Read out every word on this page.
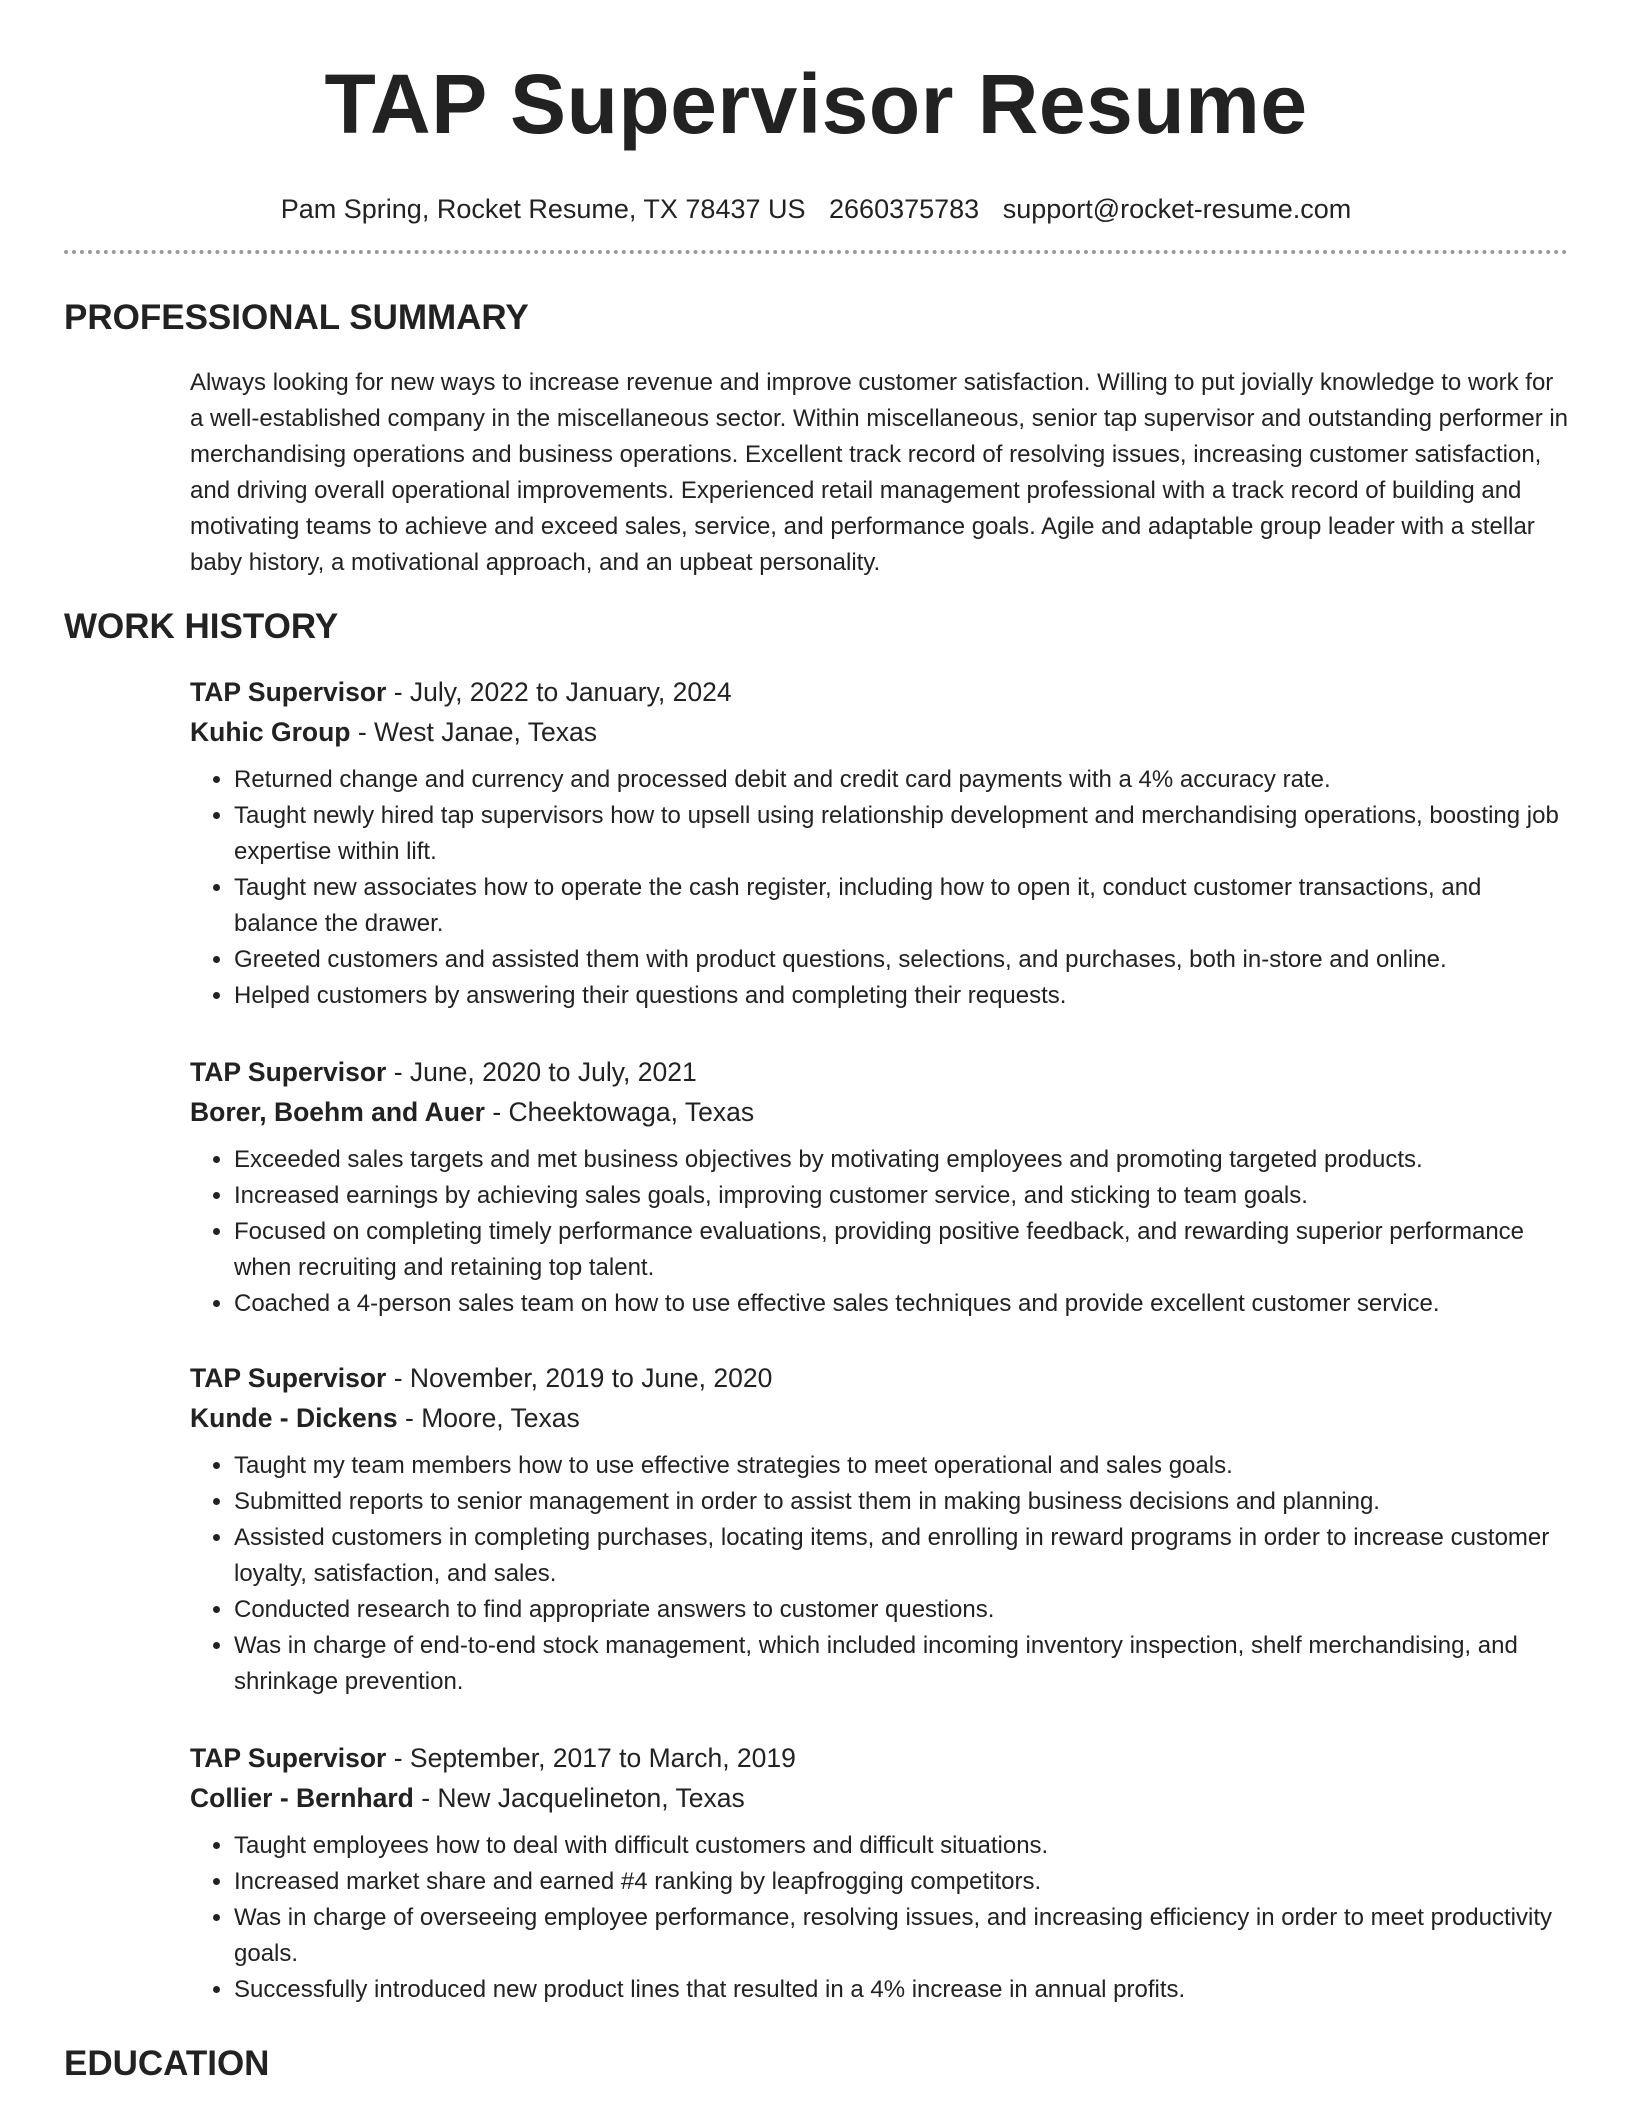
TAP Supervisor Resume
Pam Spring, Rocket Resume, TX 78437 US 2660375783 support@rocket-resume.com
PROFESSIONAL SUMMARY

Always looking for new ways to increase revenue and improve customer satisfaction. Willing to put jovially knowledge to work for a well-established company in the miscellaneous sector. Within miscellaneous, senior tap supervisor and outstanding performer in merchandising operations and business operations. Excellent track record of resolving issues, increasing customer satisfaction, and driving overall operational improvements. Experienced retail management professional with a track record of building and motivating teams to achieve and exceed sales, service, and performance goals. Agile and adaptable group leader with a stellar baby history, a motivational approach, and an upbeat personality.

WORK HISTORY
TAP Supervisor - July, 2022 to January, 2024
Kuhic Group - West Janae, Texas
• Returned change and currency and processed debit and credit card payments with a 4% accuracy rate.
• Taught newly hired tap supervisors how to upsell using relationship development and merchandising operations, boosting job expertise within lift.
• Taught new associates how to operate the cash register, including how to open it, conduct customer transactions, and balance the drawer.
• Greeted customers and assisted them with product questions, selections, and purchases, both in-store and online.
• Helped customers by answering their questions and completing their requests.
TAP Supervisor - June, 2020 to July, 2021
Borer, Boehm and Auer - Cheektowaga, Texas
• Exceeded sales targets and met business objectives by motivating employees and promoting targeted products.
• Increased earnings by achieving sales goals, improving customer service, and sticking to team goals.
• Focused on completing timely performance evaluations, providing positive feedback, and rewarding superior performance when recruiting and retaining top talent.
• Coached a 4-person sales team on how to use effective sales techniques and provide excellent customer service.
TAP Supervisor - November, 2019 to June, 2020
Kunde - Dickens - Moore, Texas
• Taught my team members how to use effective strategies to meet operational and sales goals.
• Submitted reports to senior management in order to assist them in making business decisions and planning.
• Assisted customers in completing purchases, locating items, and enrolling in reward programs in order to increase customer loyalty, satisfaction, and sales.
• Conducted research to find appropriate answers to customer questions.
• Was in charge of end-to-end stock management, which included incoming inventory inspection, shelf merchandising, and shrinkage prevention.
TAP Supervisor - September, 2017 to March, 2019
Collier - Bernhard - New Jacquelineton, Texas
• Taught employees how to deal with difficult customers and difficult situations.
• Increased market share and earned #4 ranking by leapfrogging competitors.
• Was in charge of overseeing employee performance, resolving issues, and increasing efficiency in order to meet productivity goals.
• Successfully introduced new product lines that resulted in a 4% increase in annual profits.
EDUCATION
